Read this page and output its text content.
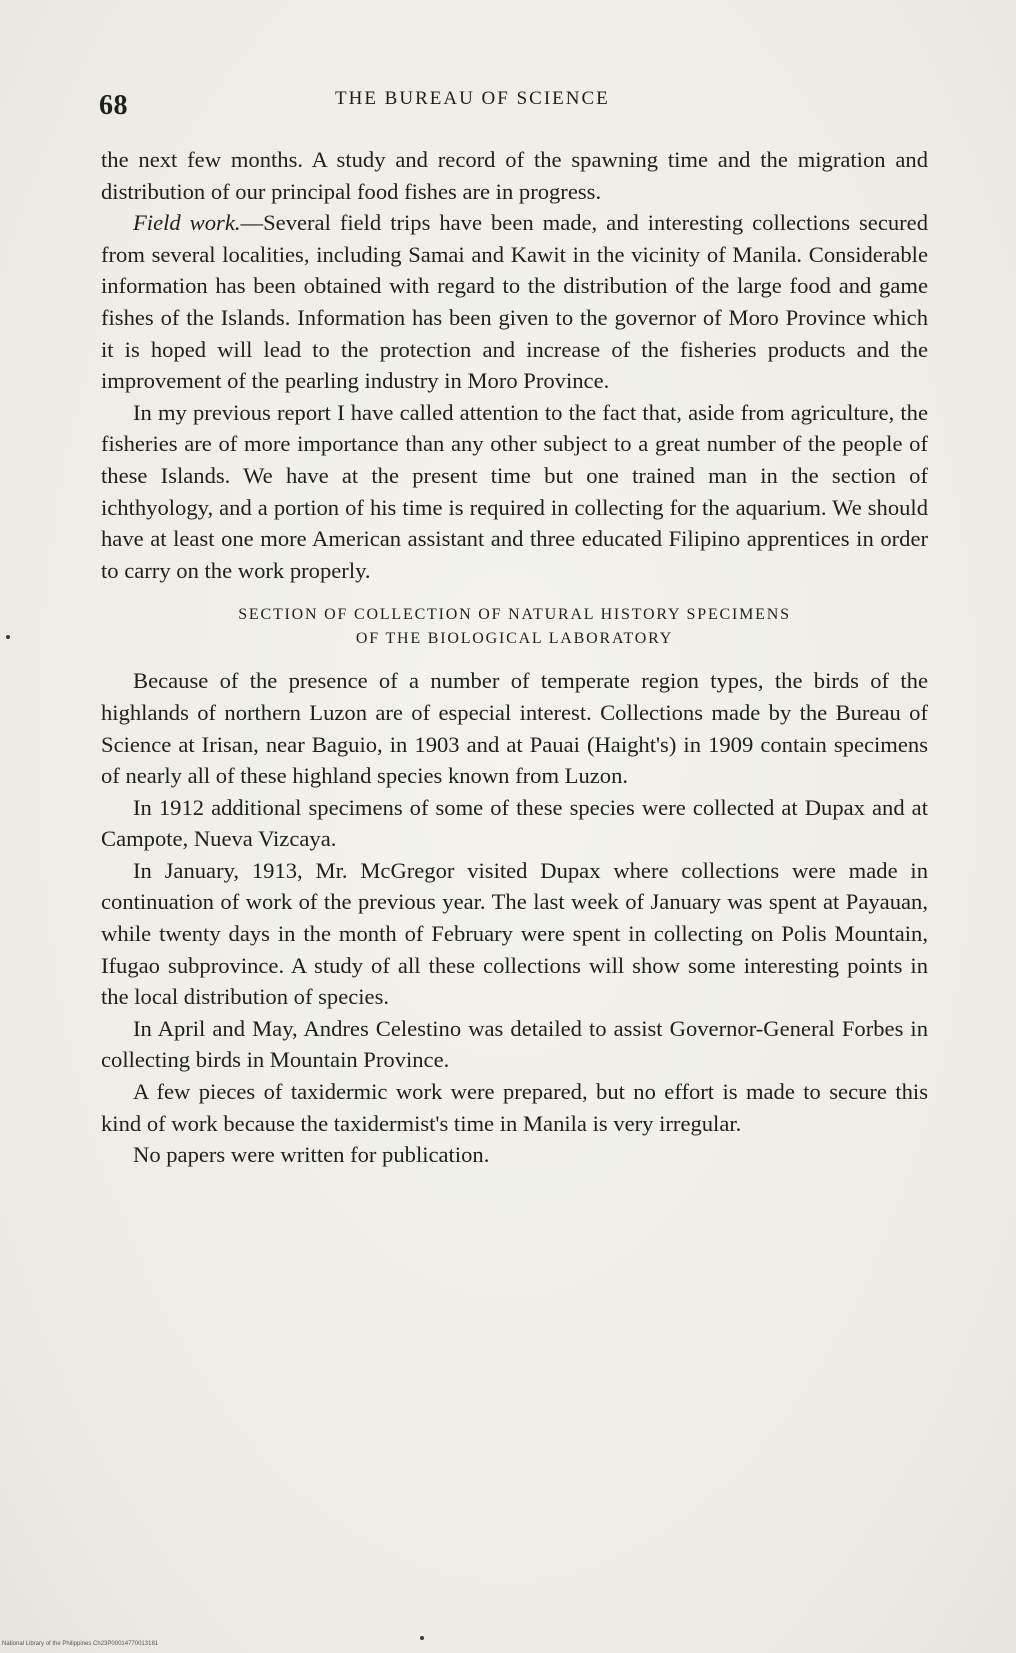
68	THE BUREAU OF SCIENCE

the next few months. A study and record of the spawning time and the migration and distribution of our principal food fishes are in progress.

Field work.—Several field trips have been made, and interesting collections secured from several localities, including Samai and Kawit in the vicinity of Manila. Considerable information has been obtained with regard to the distribution of the large food and game fishes of the Islands. Information has been given to the governor of Moro Province which it is hoped will lead to the protection and increase of the fisheries products and the improvement of the pearling industry in Moro Province.

In my previous report I have called attention to the fact that, aside from agriculture, the fisheries are of more importance than any other subject to a great number of the people of these Islands. We have at the present time but one trained man in the section of ichthyology, and a portion of his time is required in collecting for the aquarium. We should have at least one more American assistant and three educated Filipino apprentices in order to carry on the work properly.

SECTION OF COLLECTION OF NATURAL HISTORY SPECIMENS
OF THE BIOLOGICAL LABORATORY

Because of the presence of a number of temperate region types, the birds of the highlands of northern Luzon are of especial interest. Collections made by the Bureau of Science at Irisan, near Baguio, in 1903 and at Pauai (Haight's) in 1909 contain specimens of nearly all of these highland species known from Luzon.

In 1912 additional specimens of some of these species were collected at Dupax and at Campote, Nueva Vizcaya.

In January, 1913, Mr. McGregor visited Dupax where collections were made in continuation of work of the previous year. The last week of January was spent at Payauan, while twenty days in the month of February were spent in collecting on Polis Mountain, Ifugao subprovince. A study of all these collections will show some interesting points in the local distribution of species.

In April and May, Andres Celestino was detailed to assist Governor-General Forbes in collecting birds in Mountain Province.

A few pieces of taxidermic work were prepared, but no effort is made to secure this kind of work because the taxidermist's time in Manila is very irregular.

No papers were written for publication.

National Library of the Philippines Ch23P00014770013181
